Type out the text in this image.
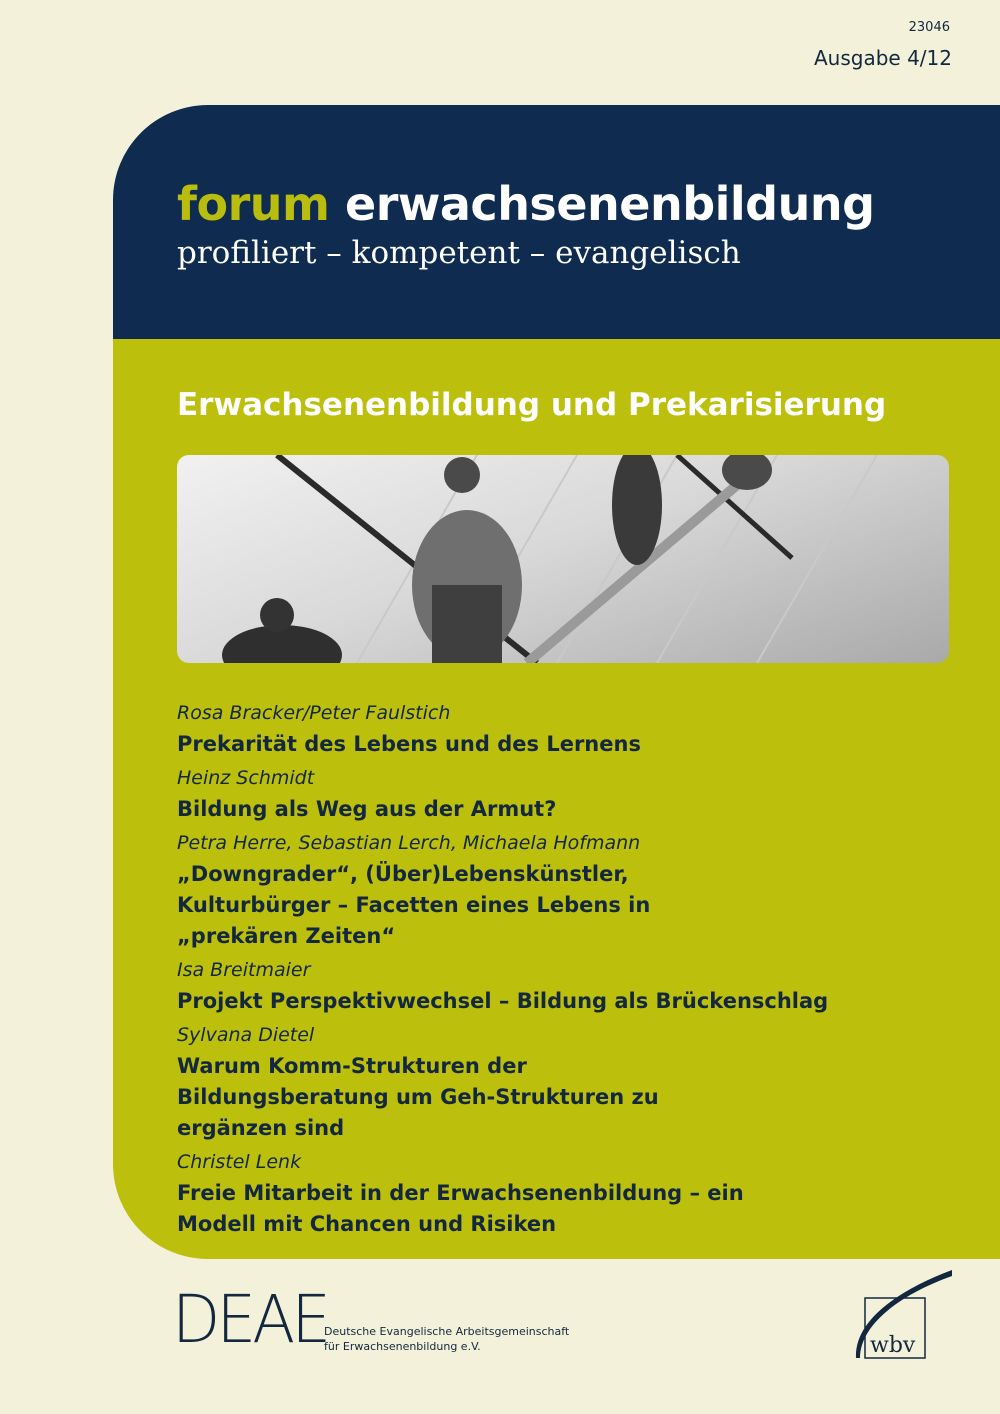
23046
Ausgabe 4/12
forum erwachsenenbildung
profiliert – kompetent – evangelisch
Erwachsenenbildung und Prekarisierung
Rosa Bracker/Peter Faulstich
Prekarität des Lebens und des Lernens
Heinz Schmidt
Bildung als Weg aus der Armut?
Petra Herre, Sebastian Lerch, Michaela Hofmann
„Downgrader“, (Über)Lebenskünstler, Kulturbürger – Facetten eines Lebens in „prekären Zeiten“
Isa Breitmaier
Projekt Perspektivwechsel – Bildung als Brückenschlag
Sylvana Dietel
Warum Komm-Strukturen der Bildungsberatung um Geh-Strukturen zu ergänzen sind
Christel Lenk
Freie Mitarbeit in der Erwachsenenbildung – ein Modell mit Chancen und Risiken
DEAE
Deutsche Evangelische Arbeitsgemeinschaft
für Erwachsenenbildung e.V.	wbv
